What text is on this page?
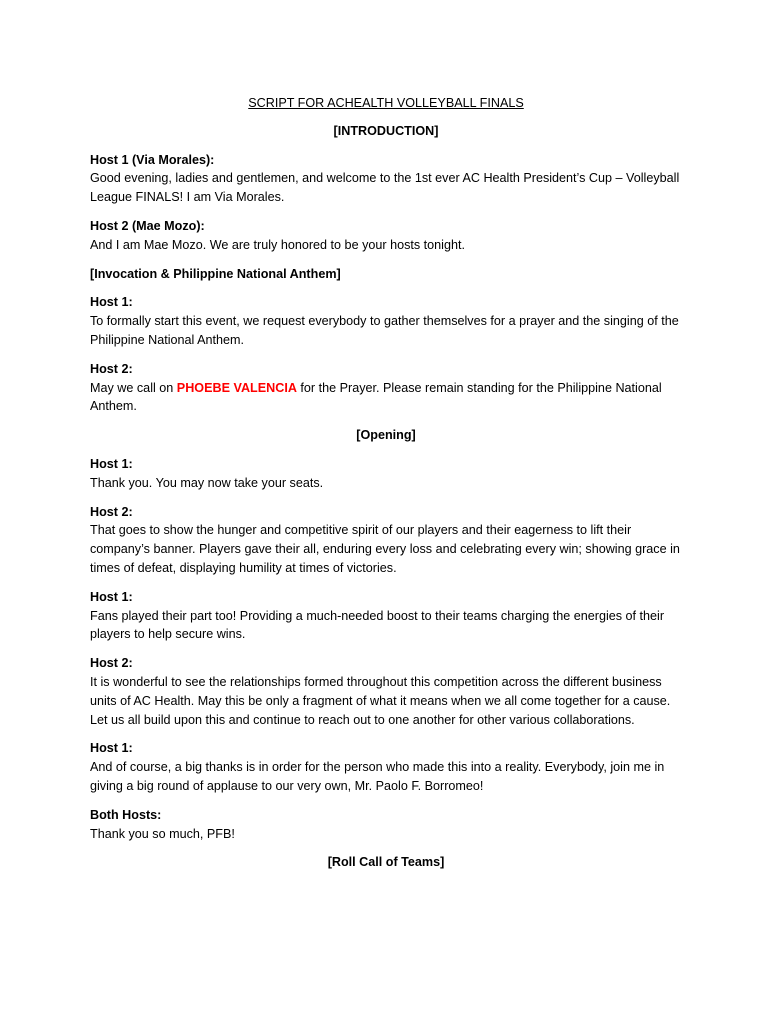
SCRIPT FOR ACHEALTH VOLLEYBALL FINALS
[INTRODUCTION]
Host 1 (Via Morales):
Good evening, ladies and gentlemen, and welcome to the 1st ever AC Health President’s Cup – Volleyball League FINALS! I am Via Morales.
Host 2 (Mae Mozo):
And I am Mae Mozo. We are truly honored to be your hosts tonight.
[Invocation & Philippine National Anthem]
Host 1:
To formally start this event, we request everybody to gather themselves for a prayer and the singing of the Philippine National Anthem.
Host 2:
May we call on PHOEBE VALENCIA for the Prayer. Please remain standing for the Philippine National Anthem.
[Opening]
Host 1:
Thank you. You may now take your seats.
Host 2:
That goes to show the hunger and competitive spirit of our players and their eagerness to lift their company’s banner. Players gave their all, enduring every loss and celebrating every win; showing grace in times of defeat, displaying humility at times of victories.
Host 1:
Fans played their part too! Providing a much-needed boost to their teams charging the energies of their players to help secure wins.
Host 2:
It is wonderful to see the relationships formed throughout this competition across the different business units of AC Health. May this be only a fragment of what it means when we all come together for a cause. Let us all build upon this and continue to reach out to one another for other various collaborations.
Host 1:
And of course, a big thanks is in order for the person who made this into a reality. Everybody, join me in giving a big round of applause to our very own, Mr. Paolo F. Borromeo!
Both Hosts:
Thank you so much, PFB!
[Roll Call of Teams]
